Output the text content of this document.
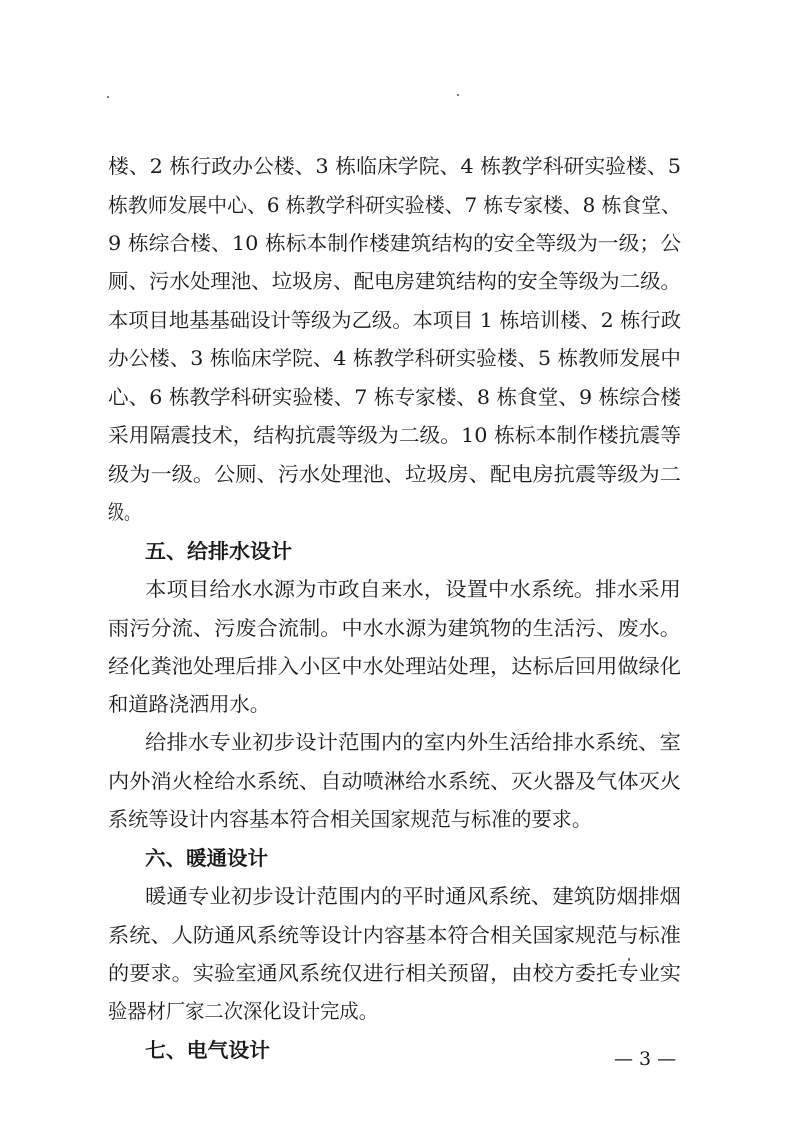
楼、2 栋行政办公楼、3 栋临床学院、4 栋教学科研实验楼、5
栋教师发展中心、6 栋教学科研实验楼、7 栋专家楼、8 栋食堂、
9 栋综合楼、10 栋标本制作楼建筑结构的安全等级为一级；公
厕、污水处理池、垃圾房、配电房建筑结构的安全等级为二级。
本项目地基基础设计等级为乙级。本项目 1 栋培训楼、2 栋行政
办公楼、3 栋临床学院、4 栋教学科研实验楼、5 栋教师发展中
心、6 栋教学科研实验楼、7 栋专家楼、8 栋食堂、9 栋综合楼
采用隔震技术，结构抗震等级为二级。10 栋标本制作楼抗震等
级为一级。公厕、污水处理池、垃圾房、配电房抗震等级为二
级。
五、给排水设计
本项目给水水源为市政自来水，设置中水系统。排水采用
雨污分流、污废合流制。中水水源为建筑物的生活污、废水。
经化粪池处理后排入小区中水处理站处理，达标后回用做绿化
和道路浇洒用水。
给排水专业初步设计范围内的室内外生活给排水系统、室
内外消火栓给水系统、自动喷淋给水系统、灭火器及气体灭火
系统等设计内容基本符合相关国家规范与标准的要求。
六、暖通设计
暖通专业初步设计范围内的平时通风系统、建筑防烟排烟
系统、人防通风系统等设计内容基本符合相关国家规范与标准
的要求。实验室通风系统仅进行相关预留，由校方委托专业实
验器材厂家二次深化设计完成。
七、电气设计	— 3 —
